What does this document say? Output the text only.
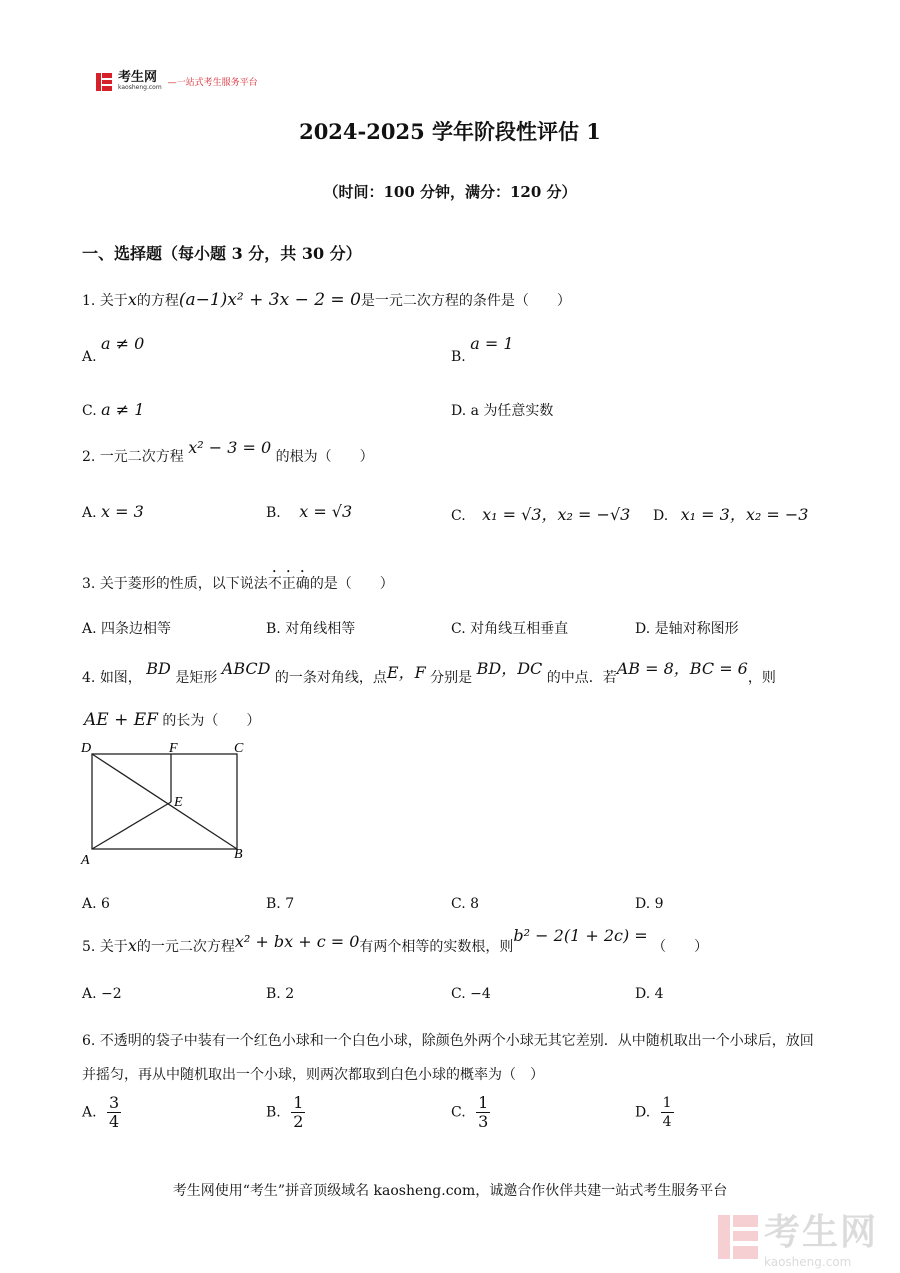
考生网
kaosheng.com —一站式考生服务平台
2024-2025 学年阶段性评估 1
（时间：100 分钟，满分：120 分）
一、选择题（每小题 3 分，共 30 分）
1. 关于x的方程(a−1)x² + 3x − 2 = 0是一元二次方程的条件是（　　）
A. a ≠ 0
B. a = 1
C. a ≠ 1	D. a 为任意实数
2. 一元二次方程 x² − 3 = 0 的根为（　　）
A. x = 3	B. x = √3	C. x₁ = √3，x₂ = −√3 D. x₁ = 3，x₂ = −3
3. 关于菱形的性质，以下说法不正确的是（　　）
A. 四条边相等	B. 对角线相等	C. 对角线互相垂直	D. 是轴对称图形
4. 如图， BD 是矩形 ABCD 的一条对角线，点E，F 分别是 BD，DC 的中点．若AB = 8，BC = 6，则
AE + EF 的长为（　　）
D	F	C
E
A	B
A. 6	B. 7	C. 8	D. 9
5. 关于x的一元二次方程x² + bx + c = 0有两个相等的实数根，则b² − 2(1 + 2c) = （　　）
A. −2	B. 2	C. −4	D. 4
6. 不透明的袋子中装有一个红色小球和一个白色小球，除颜色外两个小球无其它差别．从中随机取出一个小球后，放回并摇匀，再从中随机取出一个小球，则两次都取到白色小球的概率为（　）
A. $\frac{3}{4}$	B. $\frac{1}{2}$	C. $\frac{1}{3}$	D. $\frac{1}{4}$
考生网使用“考生”拼音顶级域名 kaosheng.com，诚邀合作伙伴共建一站式考生服务平台
考生网
kaosheng.com
